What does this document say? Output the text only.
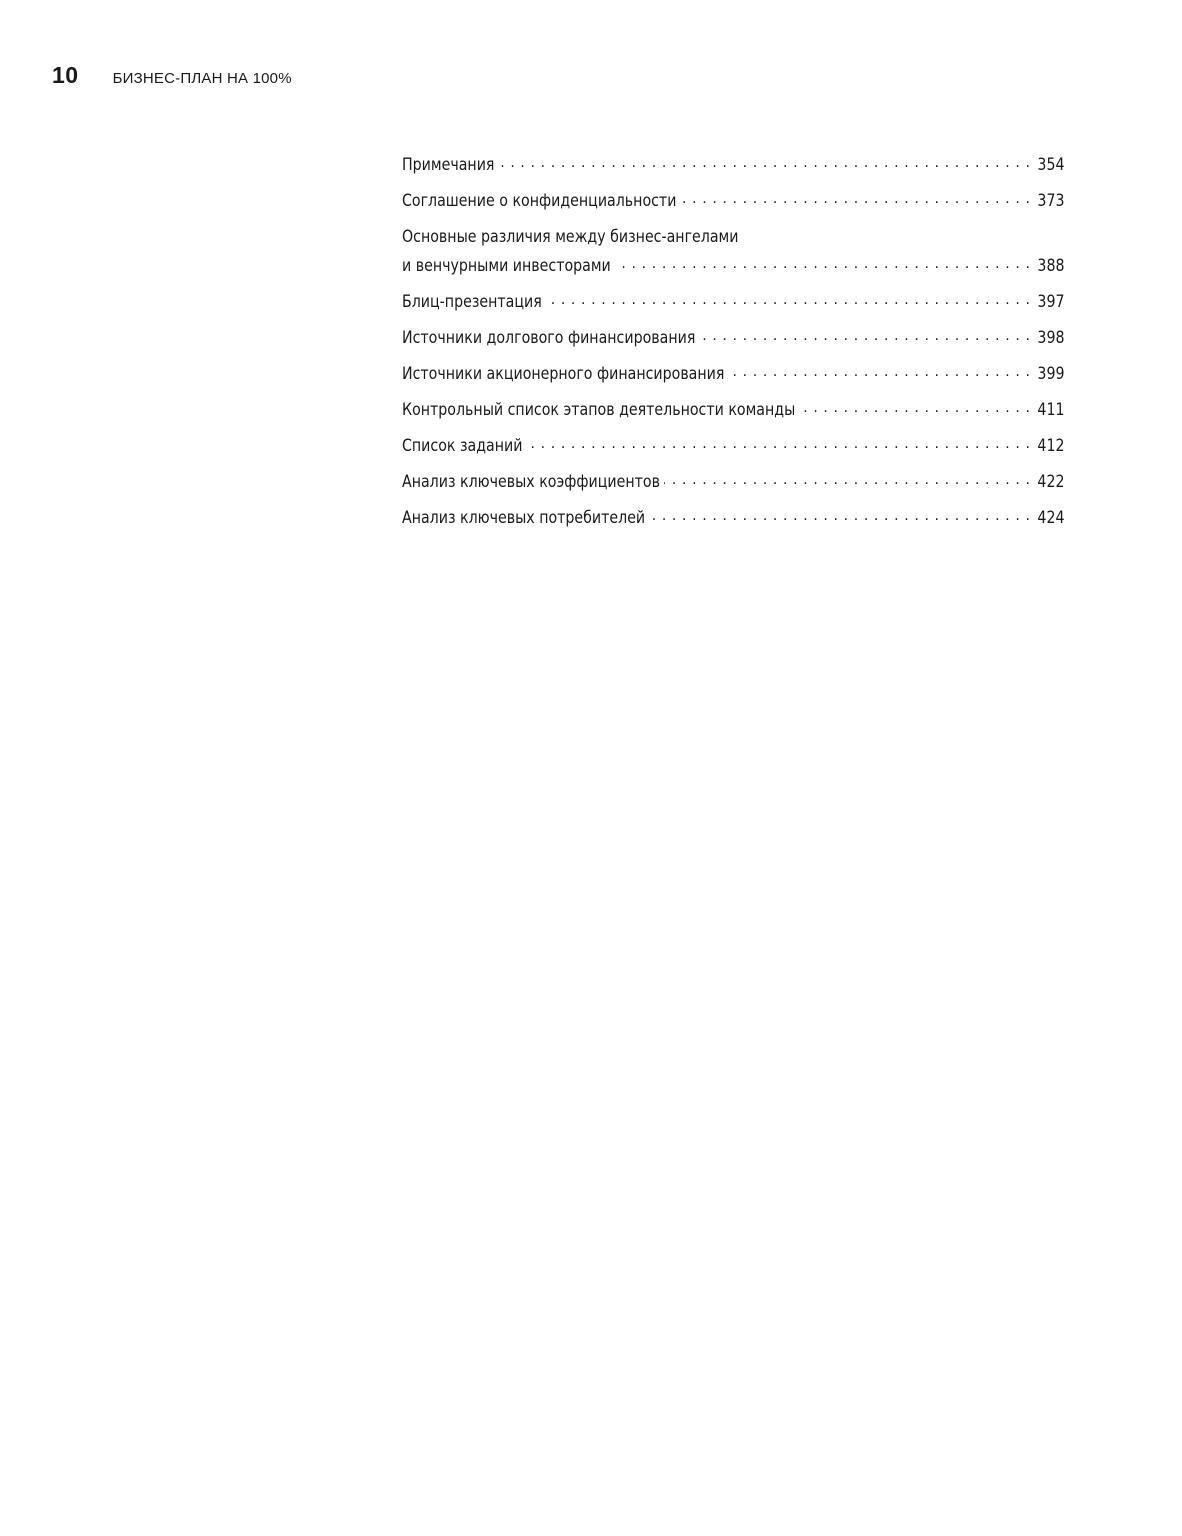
10 БИЗНЕС-ПЛАН НА 100%
Примечания . . .	354
Соглашение о конфиденциальности . . .	373
Основные различия между бизнес-ангелами
и венчурными инвесторами . . .	388
Блиц-презентация . . .	397
Источники долгового финансирования . . .	398
Источники акционерного финансирования . . .	399
Контрольный список этапов деятельности команды . . .	411
Список заданий . . .	412
Анализ ключевых коэффициентов . . .	422
Анализ ключевых потребителей . . .	424
